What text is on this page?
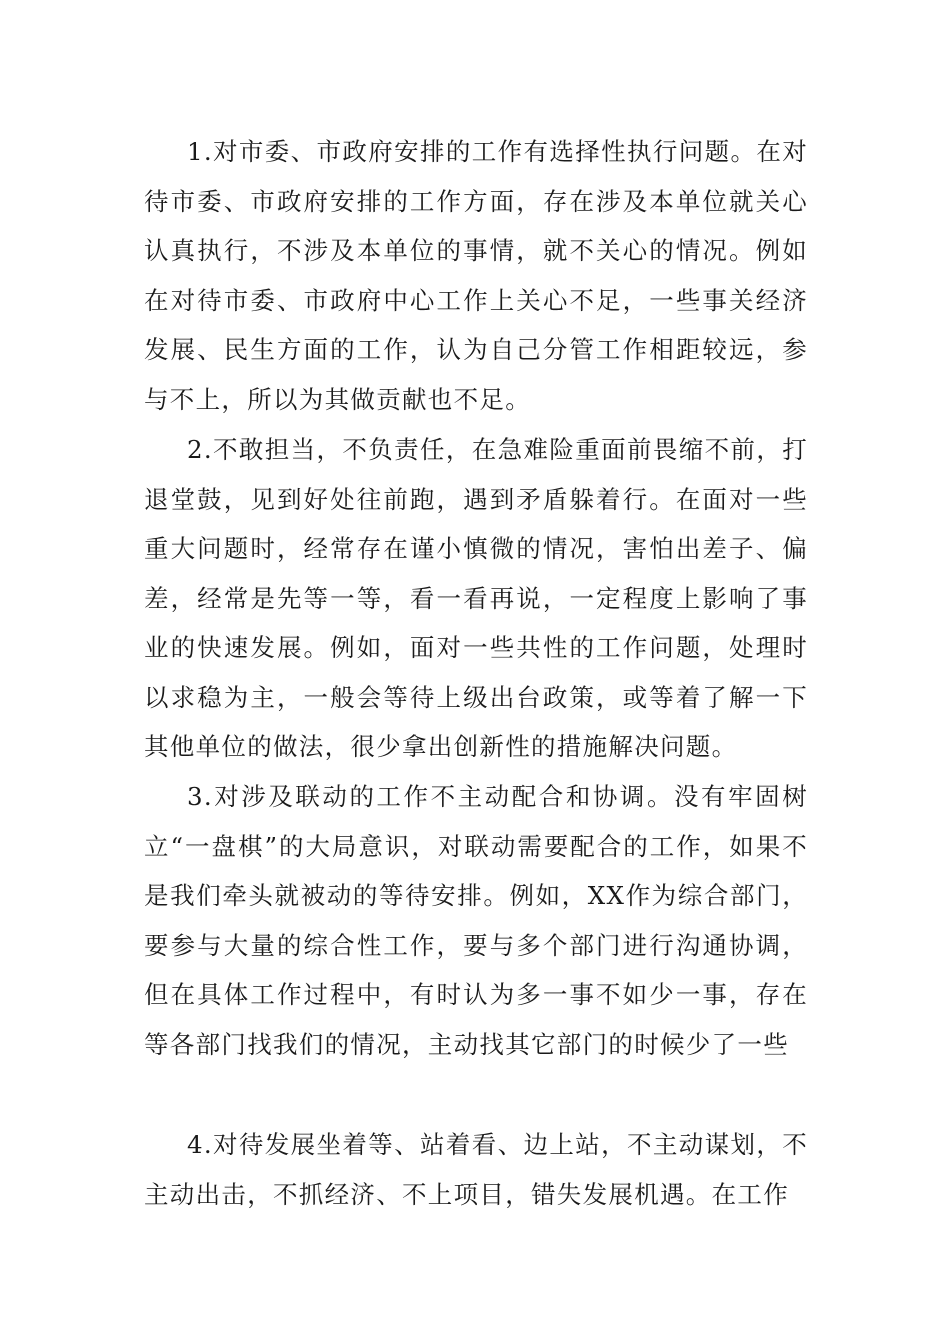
1.对市委、市政府安排的工作有选择性执行问题。在对待市委、市政府安排的工作方面，存在涉及本单位就关心认真执行，不涉及本单位的事情，就不关心的情况。例如在对待市委、市政府中心工作上关心不足，一些事关经济发展、民生方面的工作，认为自己分管工作相距较远，参与不上，所以为其做贡献也不足。

2.不敢担当，不负责任，在急难险重面前畏缩不前，打退堂鼓，见到好处往前跑，遇到矛盾躲着行。在面对一些重大问题时，经常存在谨小慎微的情况，害怕出差子、偏差，经常是先等一等，看一看再说，一定程度上影响了事业的快速发展。例如，面对一些共性的工作问题，处理时以求稳为主，一般会等待上级出台政策，或等着了解一下其他单位的做法，很少拿出创新性的措施解决问题。

3.对涉及联动的工作不主动配合和协调。没有牢固树立“一盘棋”的大局意识，对联动需要配合的工作，如果不是我们牵头就被动的等待安排。例如，XX作为综合部门，要参与大量的综合性工作，要与多个部门进行沟通协调，但在具体工作过程中，有时认为多一事不如少一事，存在等各部门找我们的情况，主动找其它部门的时候少了一些

4.对待发展坐着等、站着看、边上站，不主动谋划，不主动出击，不抓经济、不上项目，错失发展机遇。在工作
